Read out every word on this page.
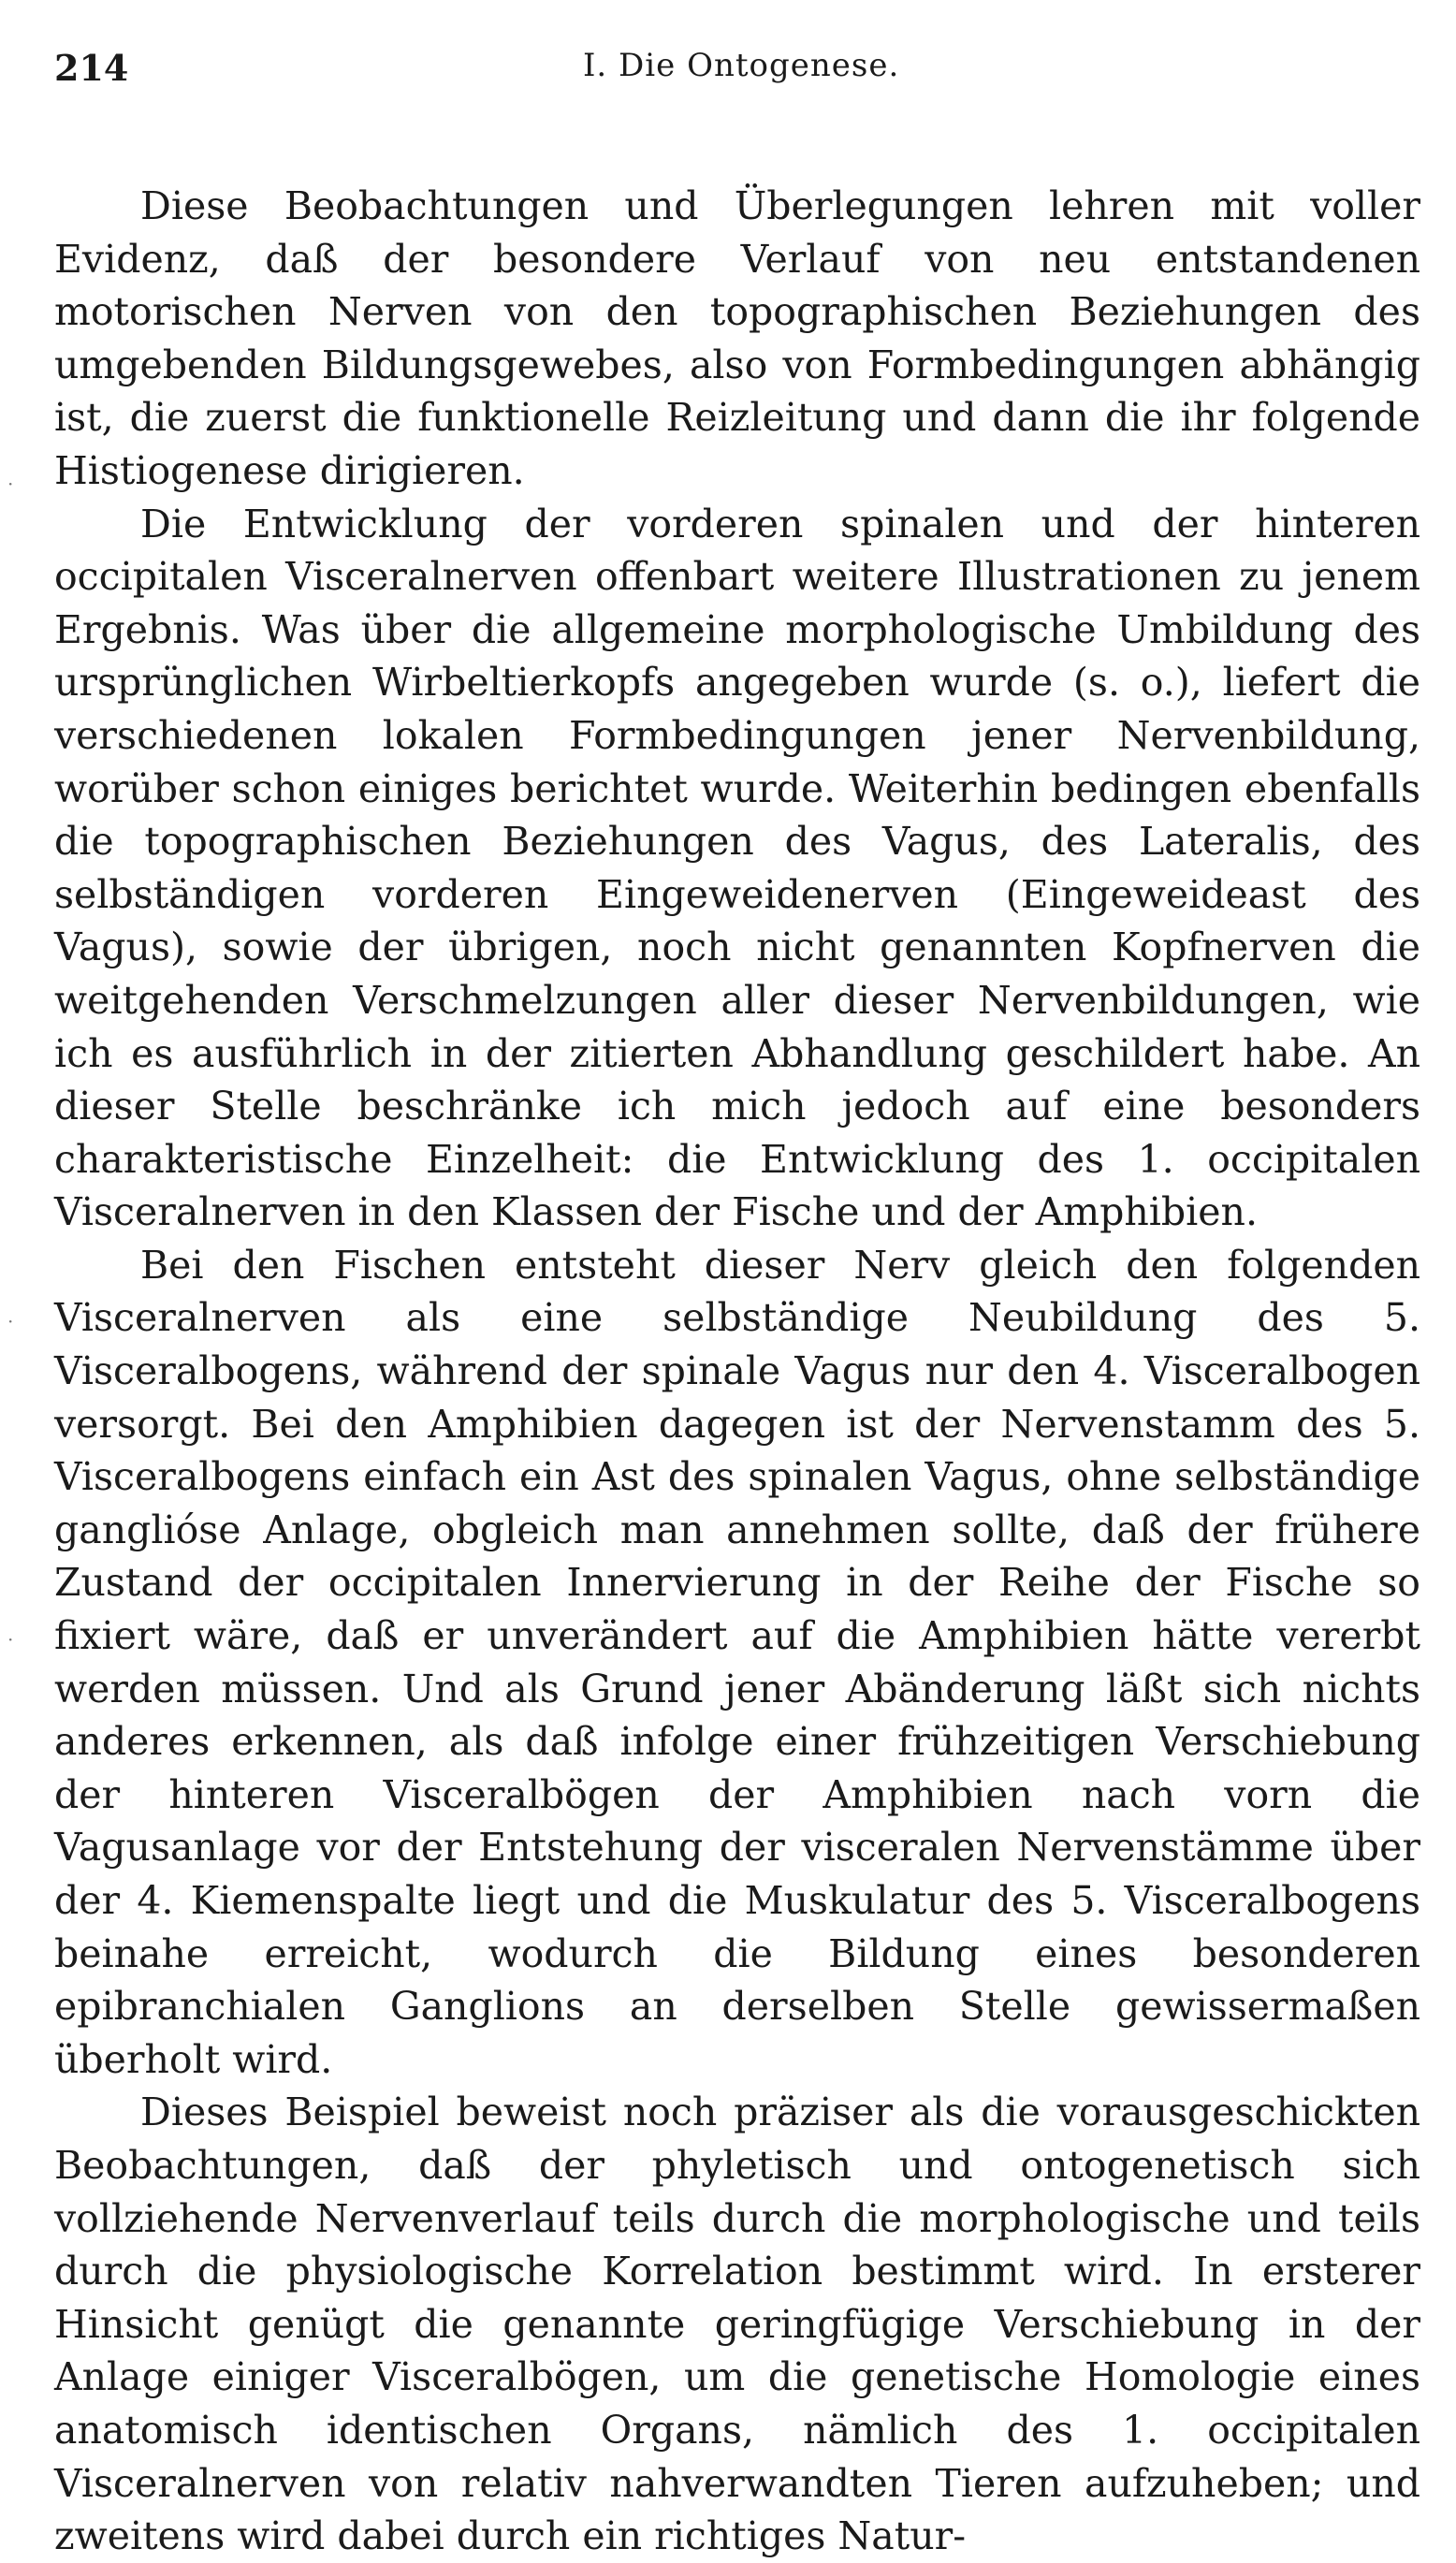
214	I. Die Ontogenese.

Diese Beobachtungen und Überlegungen lehren mit voller Evidenz, daß der besondere Verlauf von neu entstandenen motorischen Nerven von den topographischen Beziehungen des umgebenden Bildungsgewebes, also von Formbedingungen abhängig ist, die zuerst die funktionelle Reizleitung und dann die ihr folgende Histiogenese dirigieren.

Die Entwicklung der vorderen spinalen und der hinteren occipitalen Visceralnerven offenbart weitere Illustrationen zu jenem Ergebnis. Was über die allgemeine morphologische Umbildung des ursprünglichen Wirbeltierkopfs angegeben wurde (s. o.), liefert die verschiedenen lokalen Formbedingungen jener Nervenbildung, worüber schon einiges berichtet wurde. Weiterhin bedingen ebenfalls die topographischen Beziehungen des Vagus, des Lateralis, des selbständigen vorderen Eingeweidenerven (Eingeweideast des Vagus), sowie der übrigen, noch nicht genannten Kopfnerven die weitgehenden Verschmelzungen aller dieser Nervenbildungen, wie ich es ausführlich in der zitierten Abhandlung geschildert habe. An dieser Stelle beschränke ich mich jedoch auf eine besonders charakteristische Einzelheit: die Entwicklung des 1. occipitalen Visceralnerven in den Klassen der Fische und der Amphibien.

Bei den Fischen entsteht dieser Nerv gleich den folgenden Visceralnerven als eine selbständige Neubildung des 5. Visceralbogens, während der spinale Vagus nur den 4. Visceralbogen versorgt. Bei den Amphibien dagegen ist der Nervenstamm des 5. Visceralbogens einfach ein Ast des spinalen Vagus, ohne selbständige ganglióse Anlage, obgleich man annehmen sollte, daß der frühere Zustand der occipitalen Innervierung in der Reihe der Fische so fixiert wäre, daß er unverändert auf die Amphibien hätte vererbt werden müssen. Und als Grund jener Abänderung läßt sich nichts anderes erkennen, als daß infolge einer frühzeitigen Verschiebung der hinteren Visceralbögen der Amphibien nach vorn die Vagusanlage vor der Entstehung der visceralen Nervenstämme über der 4. Kiemenspalte liegt und die Muskulatur des 5. Visceralbogens beinahe erreicht, wodurch die Bildung eines besonderen epibranchialen Ganglions an derselben Stelle gewissermaßen überholt wird.

Dieses Beispiel beweist noch präziser als die vorausgeschickten Beobachtungen, daß der phyletisch und ontogenetisch sich vollziehende Nervenverlauf teils durch die morphologische und teils durch die physiologische Korrelation bestimmt wird. In ersterer Hinsicht genügt die genannte geringfügige Verschiebung in der Anlage einiger Visceralbögen, um die genetische Homologie eines anatomisch identischen Organs, nämlich des 1. occipitalen Visceralnerven von relativ nahverwandten Tieren aufzuheben; und zweitens wird dabei durch ein richtiges Natur-

·
·
·
